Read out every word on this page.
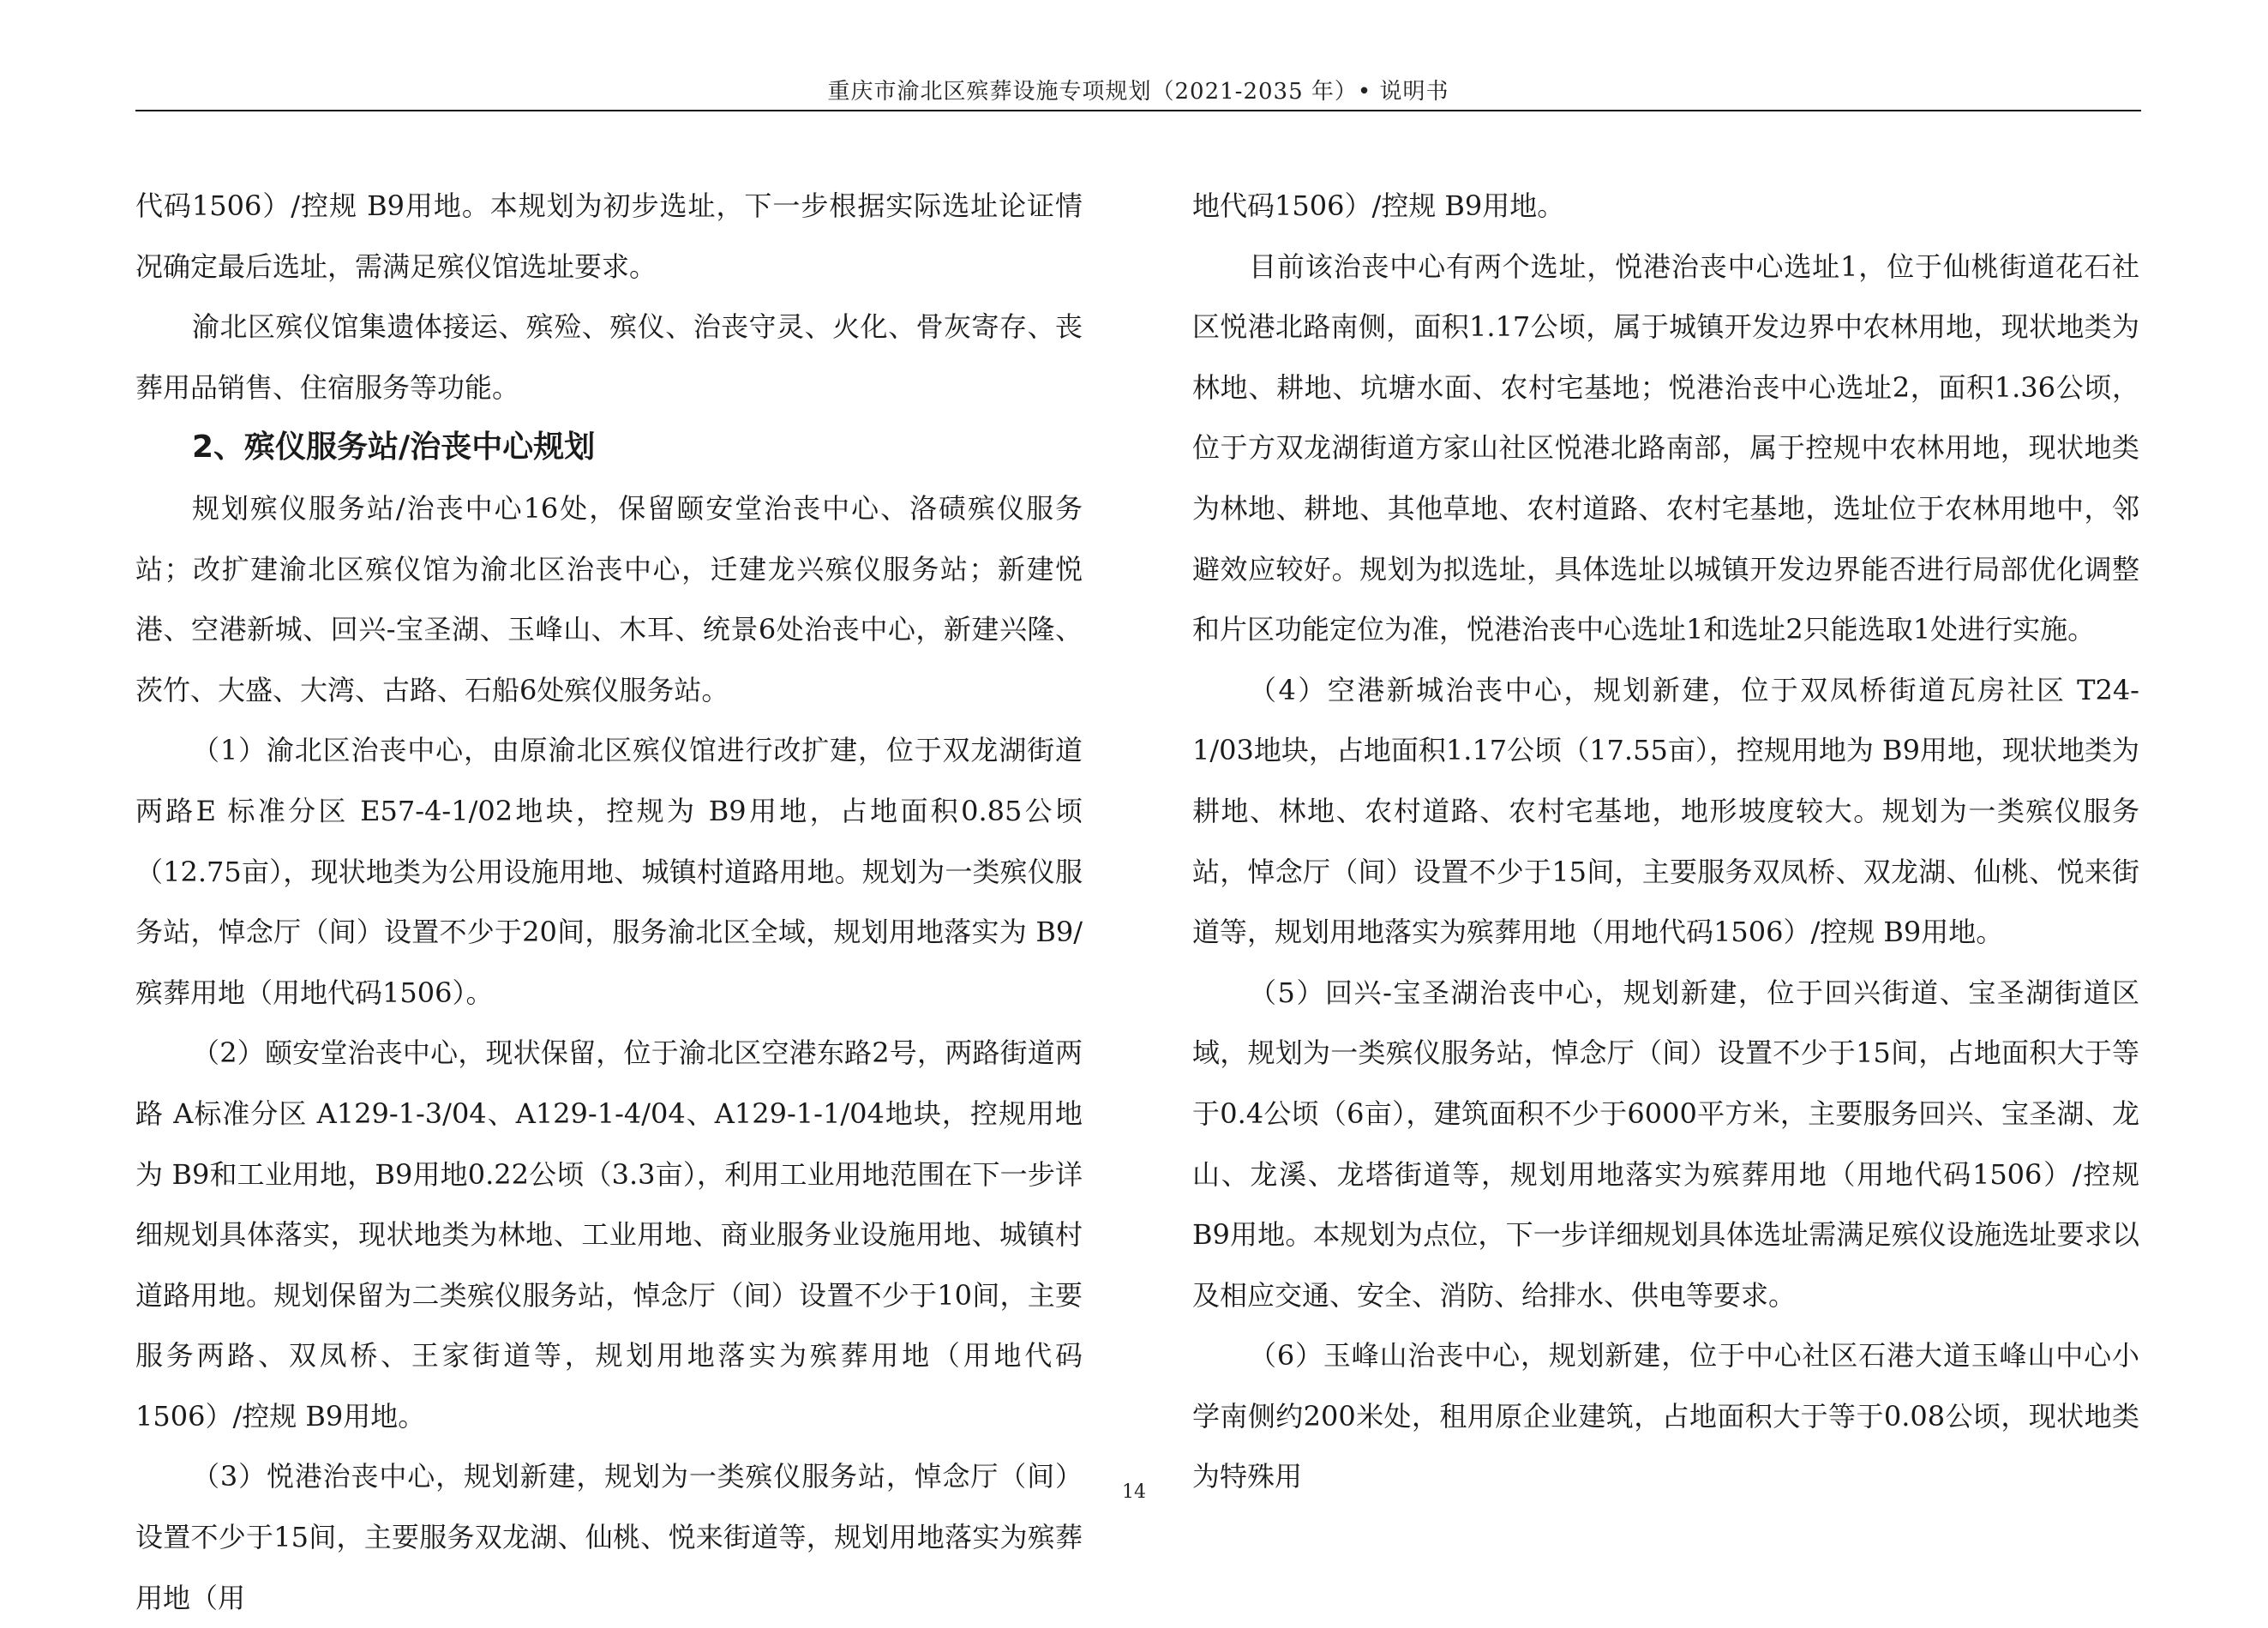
重庆市渝北区殡葬设施专项规划（2021-2035 年）• 说明书

代码1506）/控规 B9用地。本规划为初步选址，下一步根据实际选址论证情况确定最后选址，需满足殡仪馆选址要求。

渝北区殡仪馆集遗体接运、殡殓、殡仪、治丧守灵、火化、骨灰寄存、丧葬用品销售、住宿服务等功能。

2、殡仪服务站/治丧中心规划

规划殡仪服务站/治丧中心16处，保留颐安堂治丧中心、洛碛殡仪服务站；改扩建渝北区殡仪馆为渝北区治丧中心，迁建龙兴殡仪服务站；新建悦港、空港新城、回兴-宝圣湖、玉峰山、木耳、统景6处治丧中心，新建兴隆、茨竹、大盛、大湾、古路、石船6处殡仪服务站。

（1）渝北区治丧中心，由原渝北区殡仪馆进行改扩建，位于双龙湖街道两路E 标准分区 E57-4-1/02地块，控规为 B9用地，占地面积0.85公顷（12.75亩），现状地类为公用设施用地、城镇村道路用地。规划为一类殡仪服务站，悼念厅（间）设置不少于20间，服务渝北区全域，规划用地落实为 B9/殡葬用地（用地代码1506）。

（2）颐安堂治丧中心，现状保留，位于渝北区空港东路2号，两路街道两路 A标准分区 A129-1-3/04、A129-1-4/04、A129-1-1/04地块，控规用地为 B9和工业用地，B9用地0.22公顷（3.3亩），利用工业用地范围在下一步详细规划具体落实，现状地类为林地、工业用地、商业服务业设施用地、城镇村道路用地。规划保留为二类殡仪服务站，悼念厅（间）设置不少于10间，主要服务两路、双凤桥、王家街道等，规划用地落实为殡葬用地（用地代码1506）/控规 B9用地。

（3）悦港治丧中心，规划新建，规划为一类殡仪服务站，悼念厅（间）设置不少于15间，主要服务双龙湖、仙桃、悦来街道等，规划用地落实为殡葬用地（用

地代码1506）/控规 B9用地。

目前该治丧中心有两个选址，悦港治丧中心选址1，位于仙桃街道花石社区悦港北路南侧，面积1.17公顷，属于城镇开发边界中农林用地，现状地类为林地、耕地、坑塘水面、农村宅基地；悦港治丧中心选址2，面积1.36公顷，位于方双龙湖街道方家山社区悦港北路南部，属于控规中农林用地，现状地类为林地、耕地、其他草地、农村道路、农村宅基地，选址位于农林用地中，邻避效应较好。规划为拟选址，具体选址以城镇开发边界能否进行局部优化调整和片区功能定位为准，悦港治丧中心选址1和选址2只能选取1处进行实施。

（4）空港新城治丧中心，规划新建，位于双凤桥街道瓦房社区 T24-1/03地块，占地面积1.17公顷（17.55亩），控规用地为 B9用地，现状地类为耕地、林地、农村道路、农村宅基地，地形坡度较大。规划为一类殡仪服务站，悼念厅（间）设置不少于15间，主要服务双凤桥、双龙湖、仙桃、悦来街道等，规划用地落实为殡葬用地（用地代码1506）/控规 B9用地。

（5）回兴-宝圣湖治丧中心，规划新建，位于回兴街道、宝圣湖街道区域，规划为一类殡仪服务站，悼念厅（间）设置不少于15间，占地面积大于等于0.4公顷（6亩），建筑面积不少于6000平方米，主要服务回兴、宝圣湖、龙山、龙溪、龙塔街道等，规划用地落实为殡葬用地（用地代码1506）/控规 B9用地。本规划为点位，下一步详细规划具体选址需满足殡仪设施选址要求以及相应交通、安全、消防、给排水、供电等要求。

（6）玉峰山治丧中心，规划新建，位于中心社区石港大道玉峰山中心小学南侧约200米处，租用原企业建筑，占地面积大于等于0.08公顷，现状地类为特殊用

14
